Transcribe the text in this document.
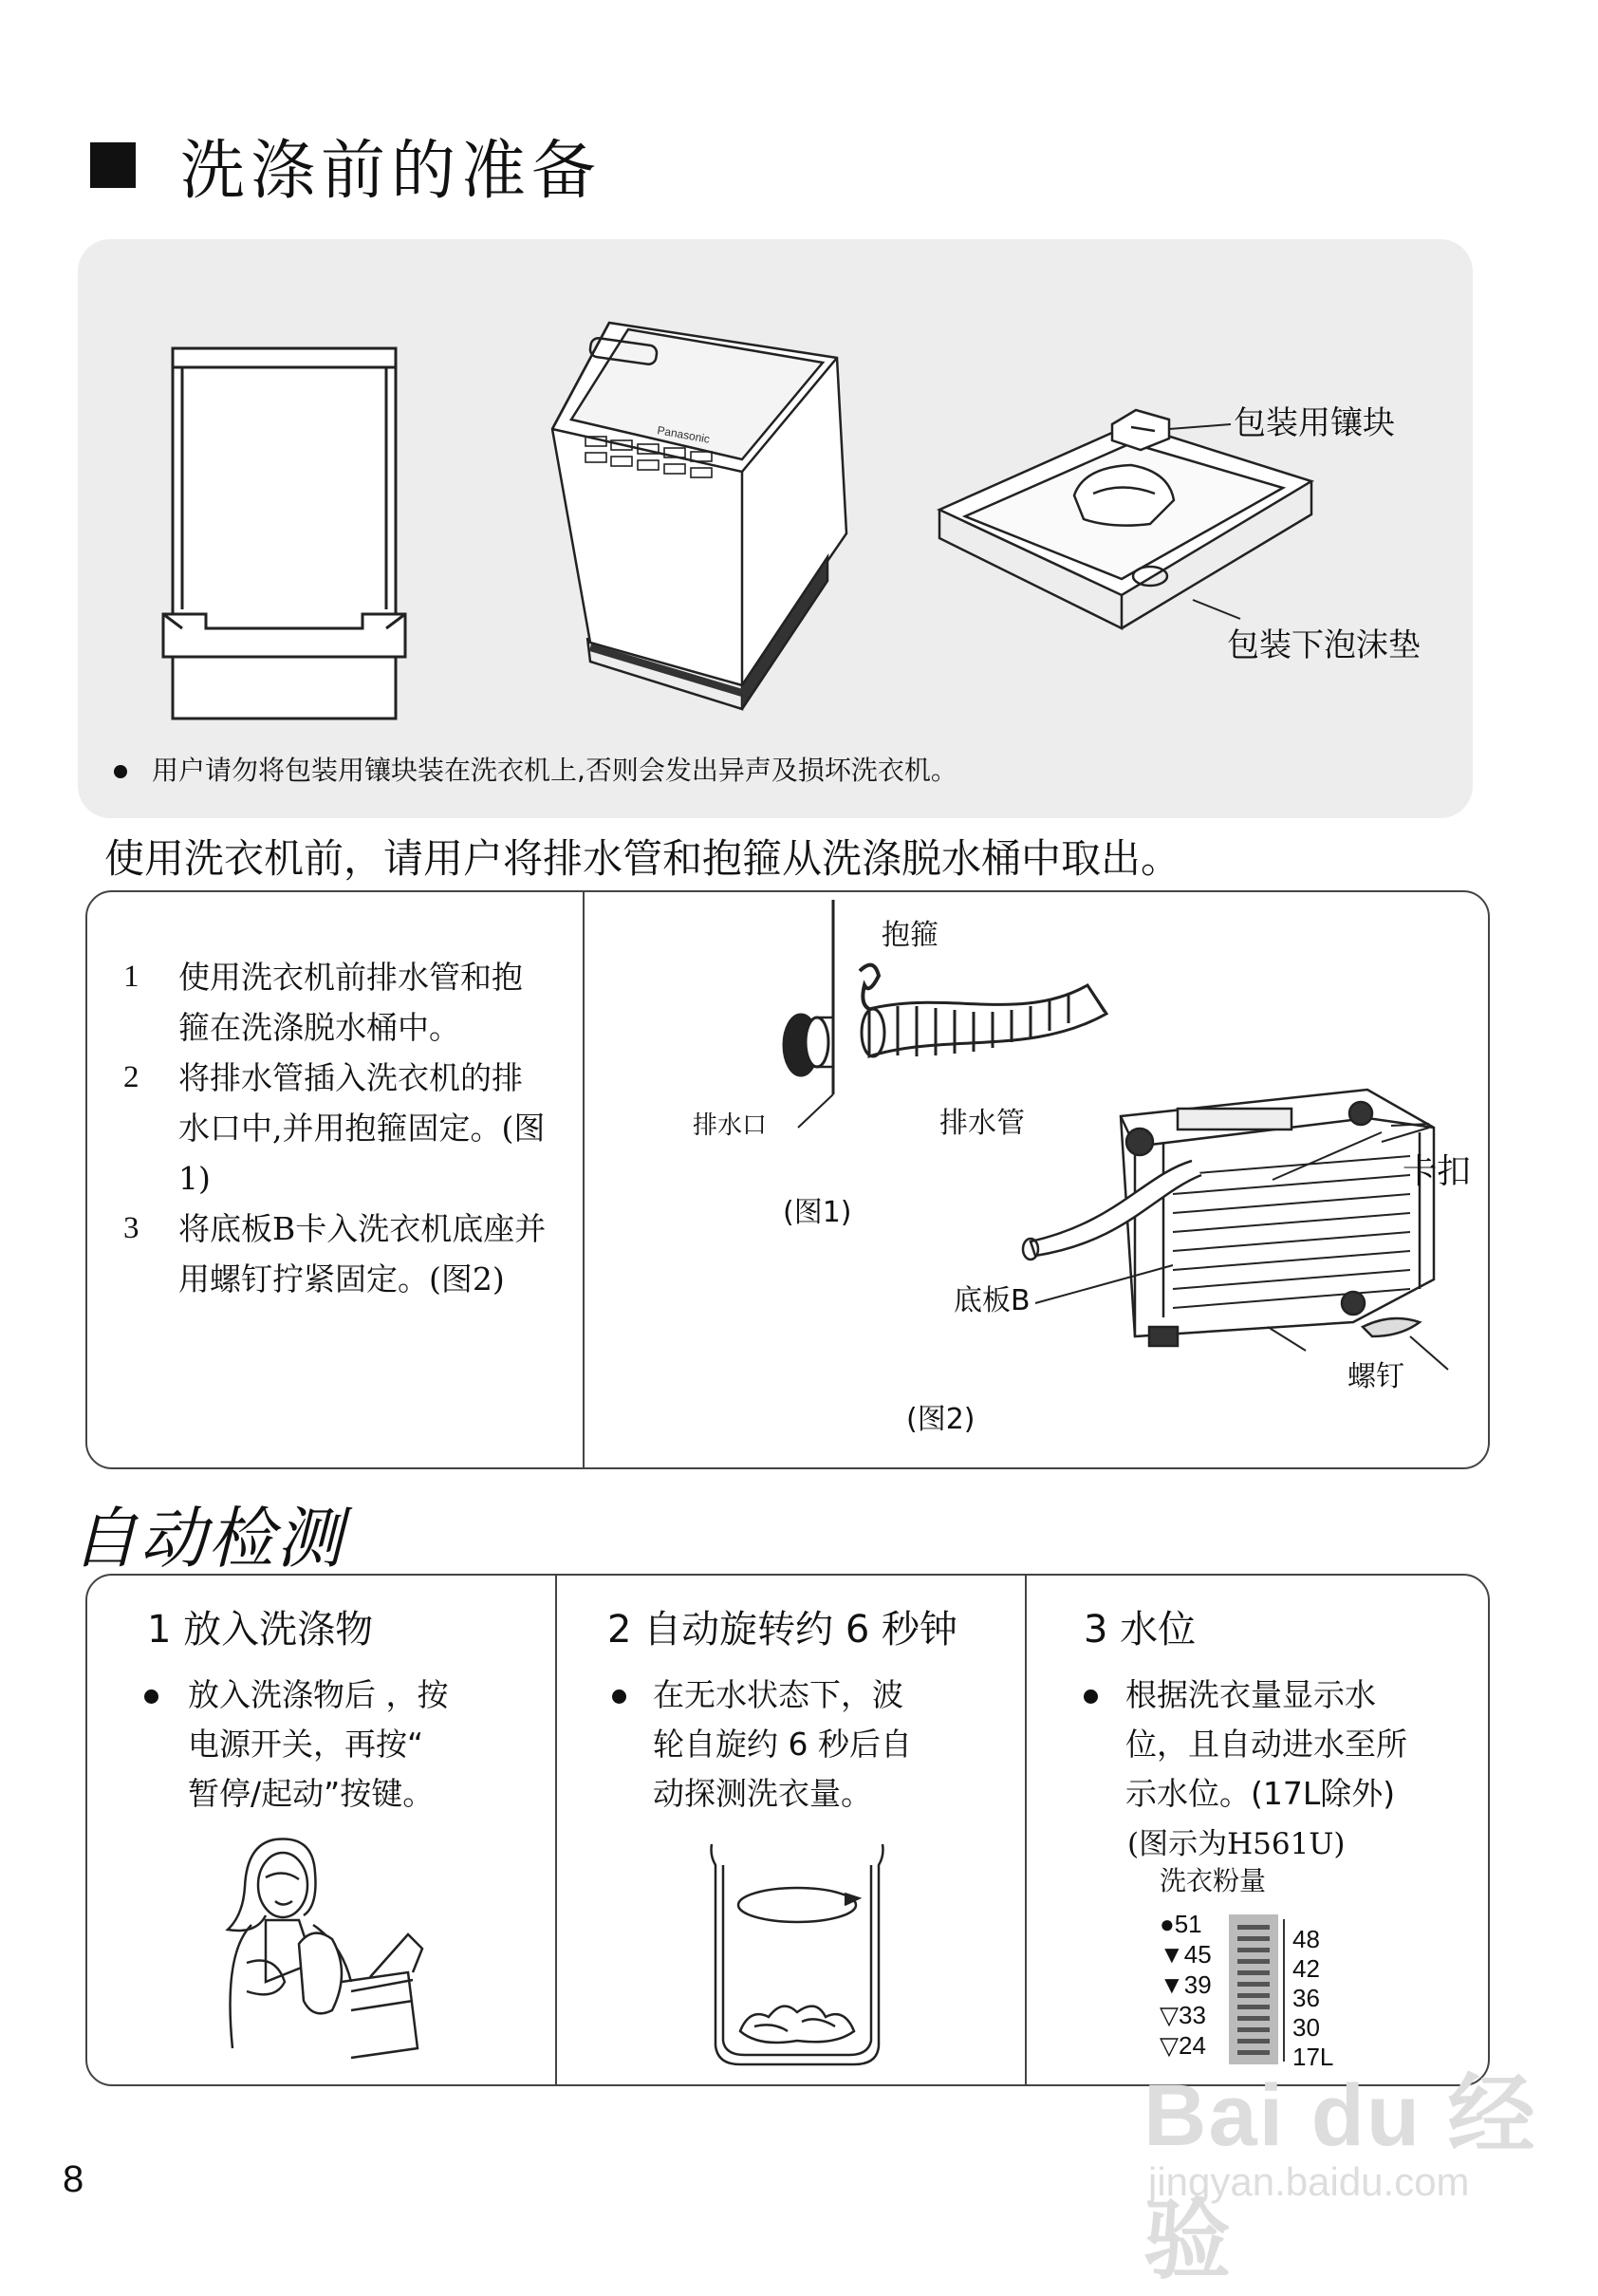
洗涤前的准备
Panasonic	包装用镶块
包装下泡沫垫
用户请勿将包装用镶块装在洗衣机上,否则会发出异声及损坏洗衣机。
使用洗衣机前，请用户将排水管和抱箍从洗涤脱水桶中取出。
1	使用洗衣机前排水管和抱箍在洗涤脱水桶中。
2	将排水管插入洗衣机的排水口中,并用抱箍固定。(图1)
3	将底板B卡入洗衣机底座并用螺钉拧紧固定。(图2)
抱箍
排水口	排水管
(图1)
卡扣
底板B
螺钉
(图2)
自动检测
1 放入洗涤物
放入洗涤物后 ，按
电源开关，再按“
暂停/起动”按键。
2 自动旋转约 6 秒钟
在无水状态下，波
轮自旋约 6 秒后自
动探测洗衣量。
3 水位
根据洗衣量显示水
位，且自动进水至所
示水位。(17L除外)
(图示为H561U)
洗衣粉量
●51
▼45
▼39
▽33
▽24
48
42
36
30
17L
8
Bai du 经验
jingyan.baidu.com
